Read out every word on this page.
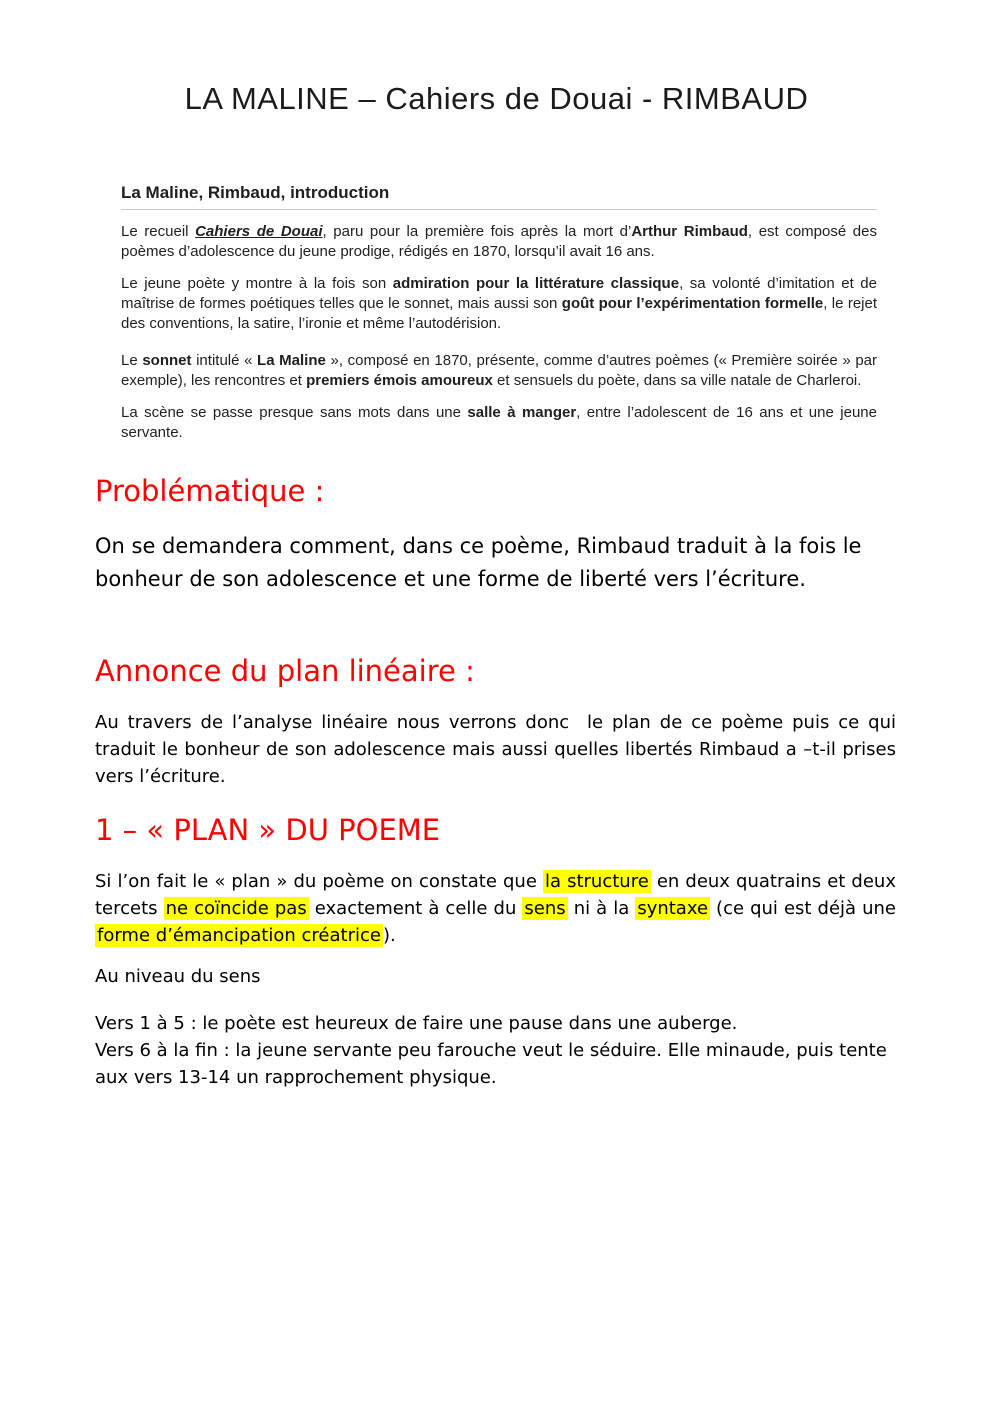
LA MALINE – Cahiers de Douai - RIMBAUD
La Maline, Rimbaud, introduction

Le recueil Cahiers de Douai, paru pour la première fois après la mort d’Arthur Rimbaud, est composé des poèmes d’adolescence du jeune prodige, rédigés en 1870, lorsqu’il avait 16 ans.

Le jeune poète y montre à la fois son admiration pour la littérature classique, sa volonté d’imitation et de maîtrise de formes poétiques telles que le sonnet, mais aussi son goût pour l’expérimentation formelle, le rejet des conventions, la satire, l’ironie et même l’autodérision.

Le sonnet intitulé « La Maline », composé en 1870, présente, comme d’autres poèmes (« Première soirée » par exemple), les rencontres et premiers émois amoureux et sensuels du poète, dans sa ville natale de Charleroi.

La scène se passe presque sans mots dans une salle à manger, entre l’adolescent de 16 ans et une jeune servante.

Problématique :

On se demandera comment, dans ce poème, Rimbaud traduit à la fois le bonheur de son adolescence et une forme de liberté vers l’écriture.

Annonce du plan linéaire :

Au travers de l’analyse linéaire nous verrons donc  le plan de ce poème puis ce qui traduit le bonheur de son adolescence mais aussi quelles libertés Rimbaud a –t-il prises vers l’écriture.

1 – « PLAN » DU POEME

Si l’on fait le « plan » du poème on constate que la structure en deux quatrains et deux tercets ne coïncide pas exactement à celle du sens ni à la syntaxe (ce qui est déjà une forme d’émancipation créatrice ).

Au niveau du sens

Vers 1 à 5 : le poète est heureux de faire une pause dans une auberge.
Vers 6 à la fin : la jeune servante peu farouche veut le séduire. Elle minaude, puis tente aux vers 13-14 un rapprochement physique.
